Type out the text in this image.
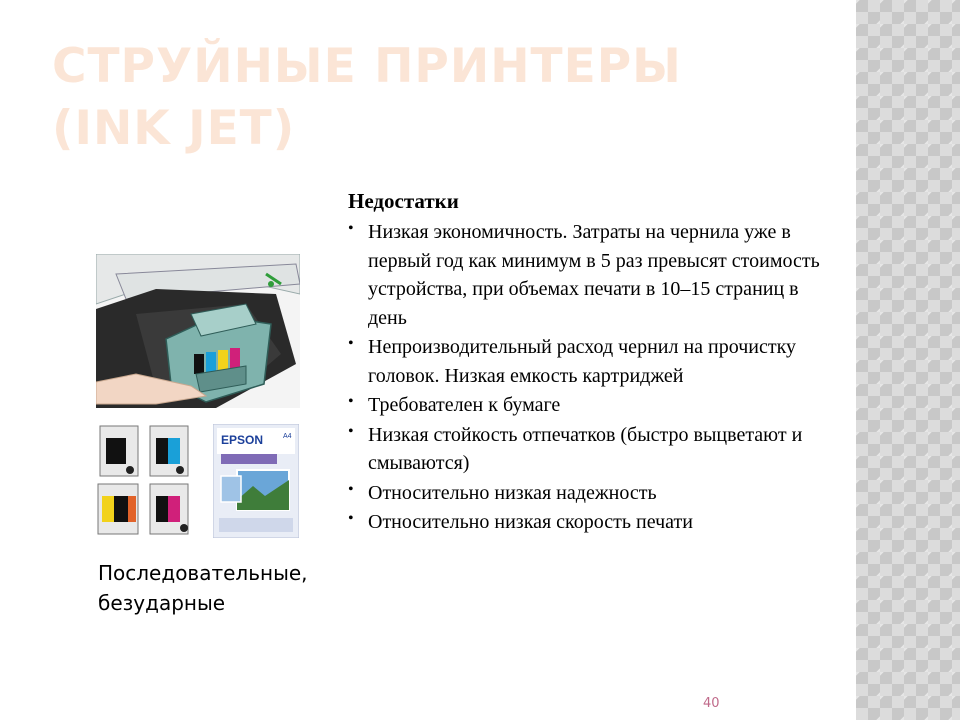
СТРУЙНЫЕ ПРИНТЕРЫ (INK JET)
EPSON	A4

Недостатки

• Низкая экономичность. Затраты на чернила уже в первый год как минимум в 5 раз превысят стоимость устройства, при объемах печати в 10–15 страниц в день
• Непроизводительный расход чернил на прочистку головок. Низкая емкость картриджей
• Требователен к бумаге
• Низкая стойкость отпечатков (быстро выцветают и смываются)
• Относительно низкая надежность
• Относительно низкая скорость печати
Последовательные,
безударные
40
